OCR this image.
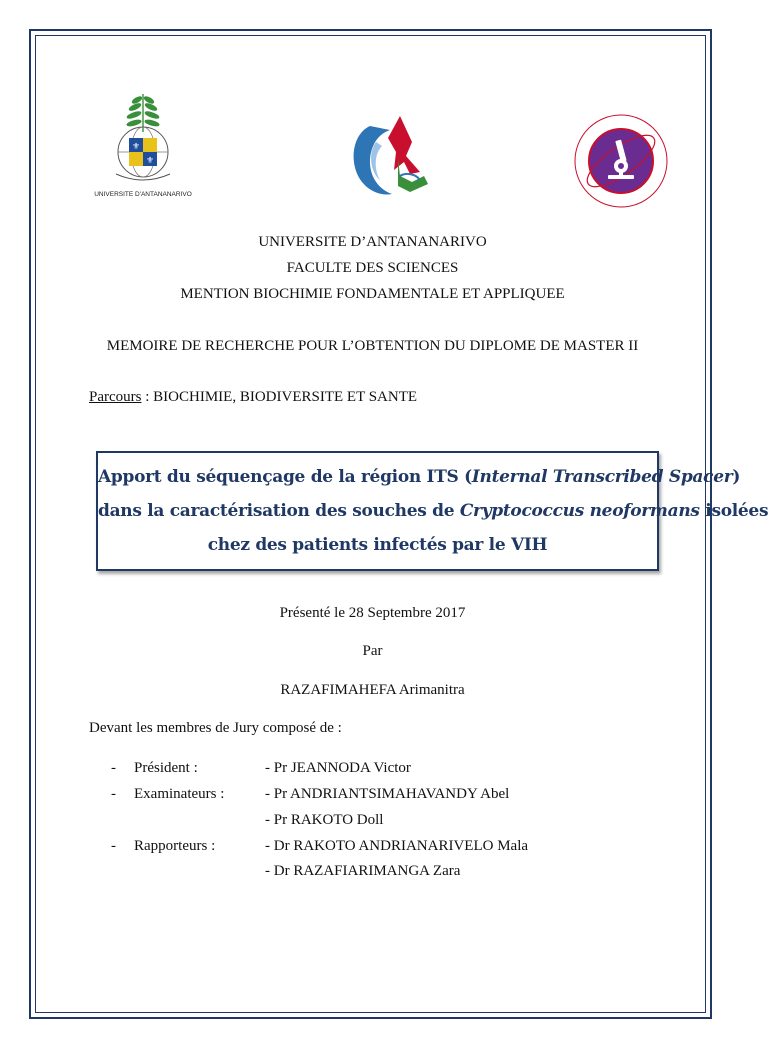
⚜
⚜
UNIVERSITE D'ANTANANARIVO
UNIVERSITE D’ANTANANARIVO
FACULTE DES SCIENCES
MENTION BIOCHIMIE FONDAMENTALE ET APPLIQUEE
MEMOIRE DE RECHERCHE POUR L’OBTENTION DU DIPLOME DE MASTER II
Parcours : BIOCHIMIE, BIODIVERSITE ET SANTE
Apport du séquençage de la région ITS (Internal Transcribed Spacer)
dans la caractérisation des souches de Cryptococcus neoformans isolées
chez des patients infectés par le VIH
Présenté le 28 Septembre 2017
Par
RAZAFIMAHEFA Arimanitra
Devant les membres de Jury composé de :
- Président :	- Pr JEANNODA Victor
- Examinateurs :	- Pr ANDRIANTSIMAHAVANDY Abel
- Pr RAKOTO Doll
- Rapporteurs :	- Dr RAKOTO ANDRIANARIVELO Mala
- Dr RAZAFIARIMANGA Zara
